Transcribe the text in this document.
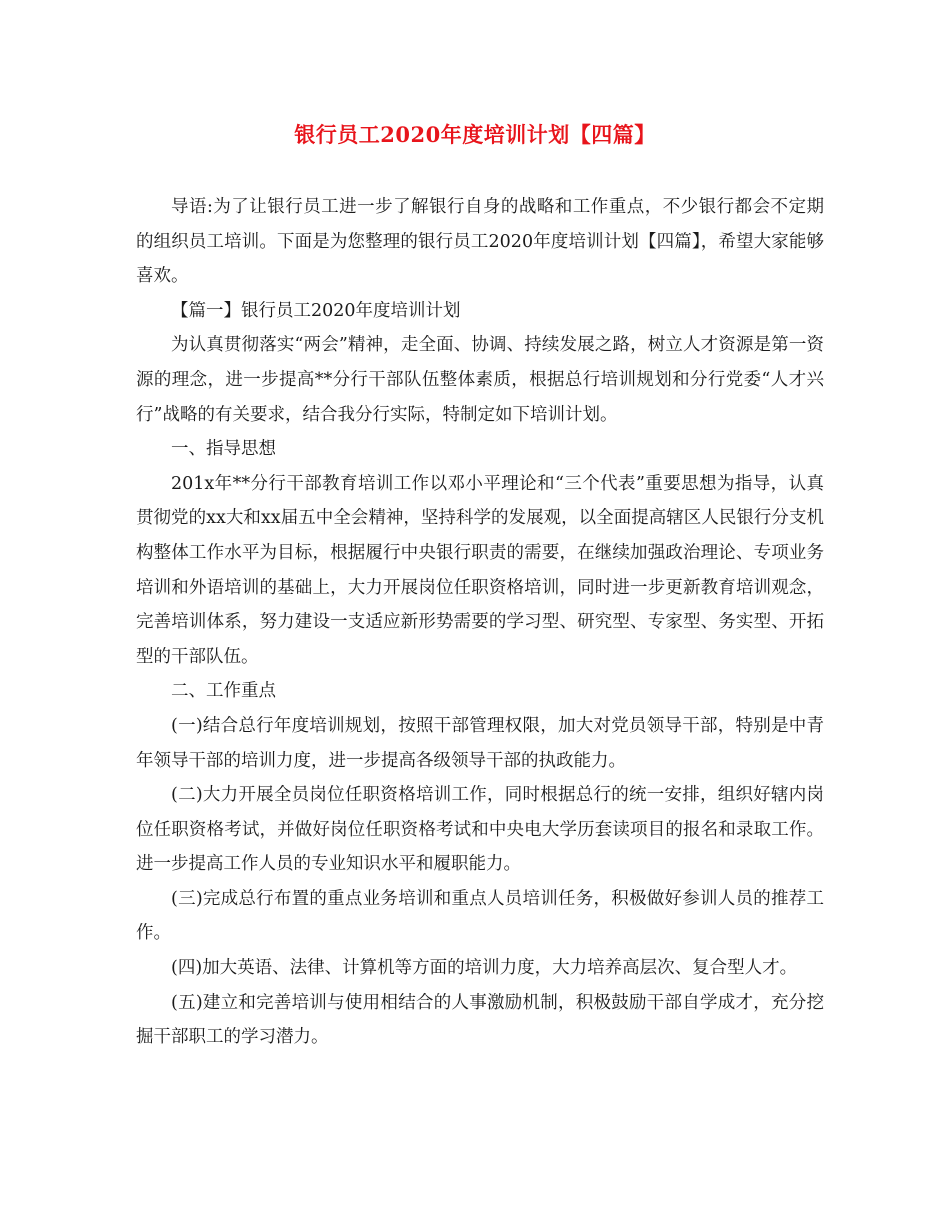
银行员工2020年度培训计划【四篇】

导语:为了让银行员工进一步了解银行自身的战略和工作重点，不少银行都会不定期的组织员工培训。下面是为您整理的银行员工2020年度培训计划【四篇】，希望大家能够喜欢。

【篇一】银行员工2020年度培训计划

为认真贯彻落实“两会”精神，走全面、协调、持续发展之路，树立人才资源是第一资源的理念，进一步提高**分行干部队伍整体素质，根据总行培训规划和分行党委“人才兴行”战略的有关要求，结合我分行实际，特制定如下培训计划。

一、指导思想

201x年**分行干部教育培训工作以邓小平理论和“三个代表”重要思想为指导，认真贯彻党的xx大和xx届五中全会精神，坚持科学的发展观，以全面提高辖区人民银行分支机构整体工作水平为目标，根据履行中央银行职责的需要，在继续加强政治理论、专项业务培训和外语培训的基础上，大力开展岗位任职资格培训，同时进一步更新教育培训观念，完善培训体系，努力建设一支适应新形势需要的学习型、研究型、专家型、务实型、开拓型的干部队伍。

二、工作重点

(一)结合总行年度培训规划，按照干部管理权限，加大对党员领导干部，特别是中青年领导干部的培训力度，进一步提高各级领导干部的执政能力。

(二)大力开展全员岗位任职资格培训工作，同时根据总行的统一安排，组织好辖内岗位任职资格考试，并做好岗位任职资格考试和中央电大学历套读项目的报名和录取工作。进一步提高工作人员的专业知识水平和履职能力。

(三)完成总行布置的重点业务培训和重点人员培训任务，积极做好参训人员的推荐工作。

(四)加大英语、法律、计算机等方面的培训力度，大力培养高层次、复合型人才。

(五)建立和完善培训与使用相结合的人事激励机制，积极鼓励干部自学成才，充分挖掘干部职工的学习潜力。
